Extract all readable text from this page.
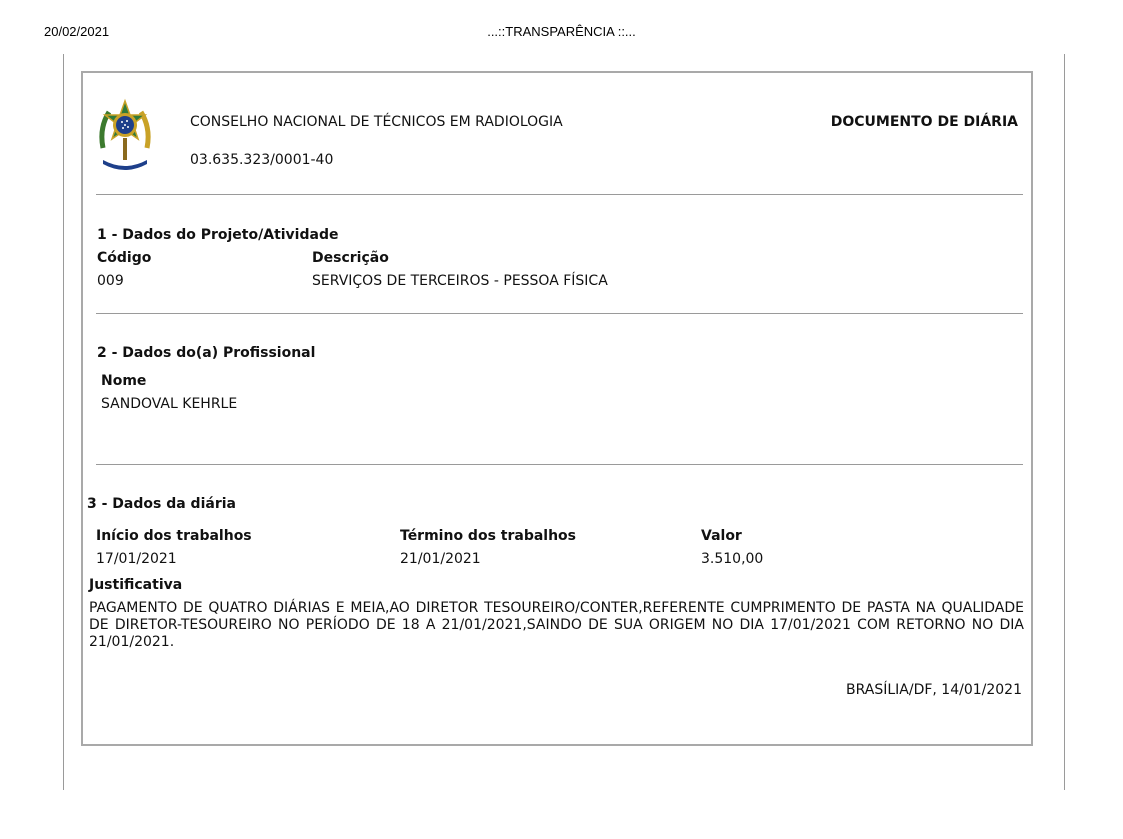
20/02/2021	...::TRANSPARÊNCIA ::...
CONSELHO NACIONAL DE TÉCNICOS EM RADIOLOGIA
03.635.323/0001-40
DOCUMENTO DE DIÁRIA
1 - Dados do Projeto/Atividade
Código	Descrição
009	SERVIÇOS DE TERCEIROS - PESSOA FÍSICA
2 - Dados do(a) Profissional
Nome
SANDOVAL KEHRLE
3 - Dados da diária
Início dos trabalhos	Término dos trabalhos	Valor
17/01/2021	21/01/2021	3.510,00
Justificativa
PAGAMENTO DE QUATRO DIÁRIAS E MEIA,AO DIRETOR TESOUREIRO/CONTER,REFERENTE CUMPRIMENTO DE PASTA NA QUALIDADE DE DIRETOR-TESOUREIRO NO PERÍODO DE 18 A 21/01/2021,SAINDO DE SUA ORIGEM NO DIA 17/01/2021 COM RETORNO NO DIA 21/01/2021.
BRASÍLIA/DF, 14/01/2021
